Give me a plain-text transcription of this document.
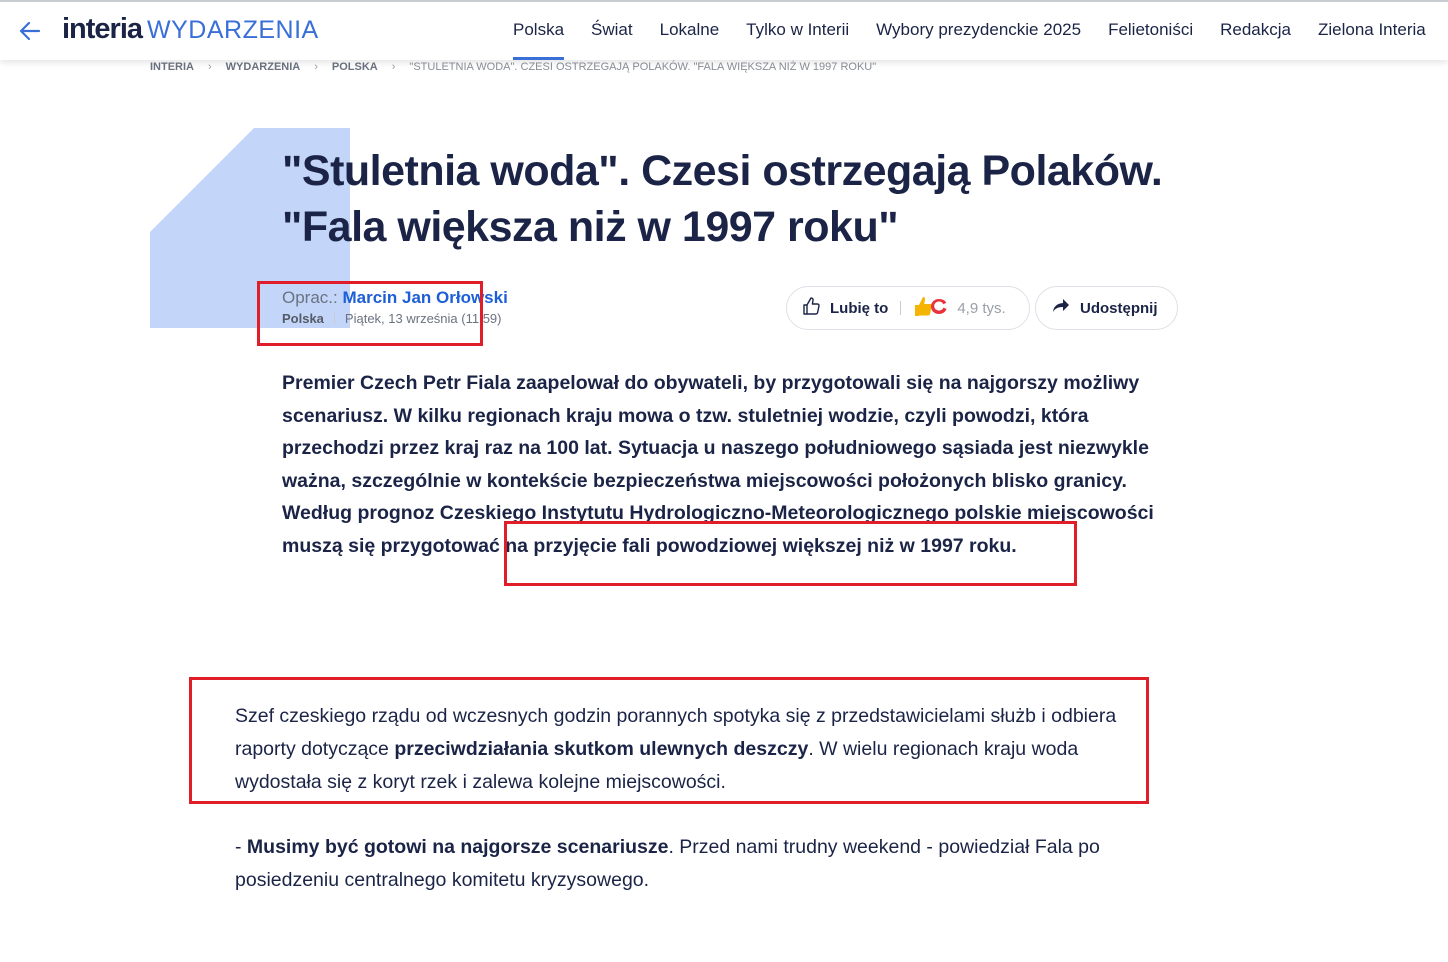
interia WYDARZENIA	Polska Świat Lokalne Tylko w Interii Wybory prezydenckie 2025 Felietoniści Redakcja Zielona Interia
INTERIA › WYDARZENIA › POLSKA › "STULETNIA WODA". CZESI OSTRZEGAJĄ POLAKÓW. "FALA WIĘKSZA NIŻ W 1997 ROKU"
"Stuletnia woda". Czesi ostrzegają Polaków.
"Fala większa niż w 1997 roku"
Oprac.: Marcin Jan Orłowski
Polska Piątek, 13 września (11:59)
Lubię to	4,9 tys.	Udostępnij

Premier Czech Petr Fiala zaapelował do obywateli, by przygotowali się na najgorszy możliwy scenariusz. W kilku regionach kraju mowa o tzw. stuletniej wodzie, czyli powodzi, która przechodzi przez kraj raz na 100 lat. Sytuacja u naszego południowego sąsiada jest niezwykle ważna, szczególnie w kontekście bezpieczeństwa miejscowości położonych blisko granicy. Według prognoz Czeskiego Instytutu Hydrologiczno-Meteorologicznego polskie miejscowości muszą się przygotować na przyjęcie fali powodziowej większej niż w 1997 roku.

Szef czeskiego rządu od wczesnych godzin porannych spotyka się z przedstawicielami służb i odbiera raporty dotyczące przeciwdziałania skutkom ulewnych deszczy. W wielu regionach kraju woda wydostała się z koryt rzek i zalewa kolejne miejscowości.

- Musimy być gotowi na najgorsze scenariusze. Przed nami trudny weekend - powiedział Fala po posiedzeniu centralnego komitetu kryzysowego.
